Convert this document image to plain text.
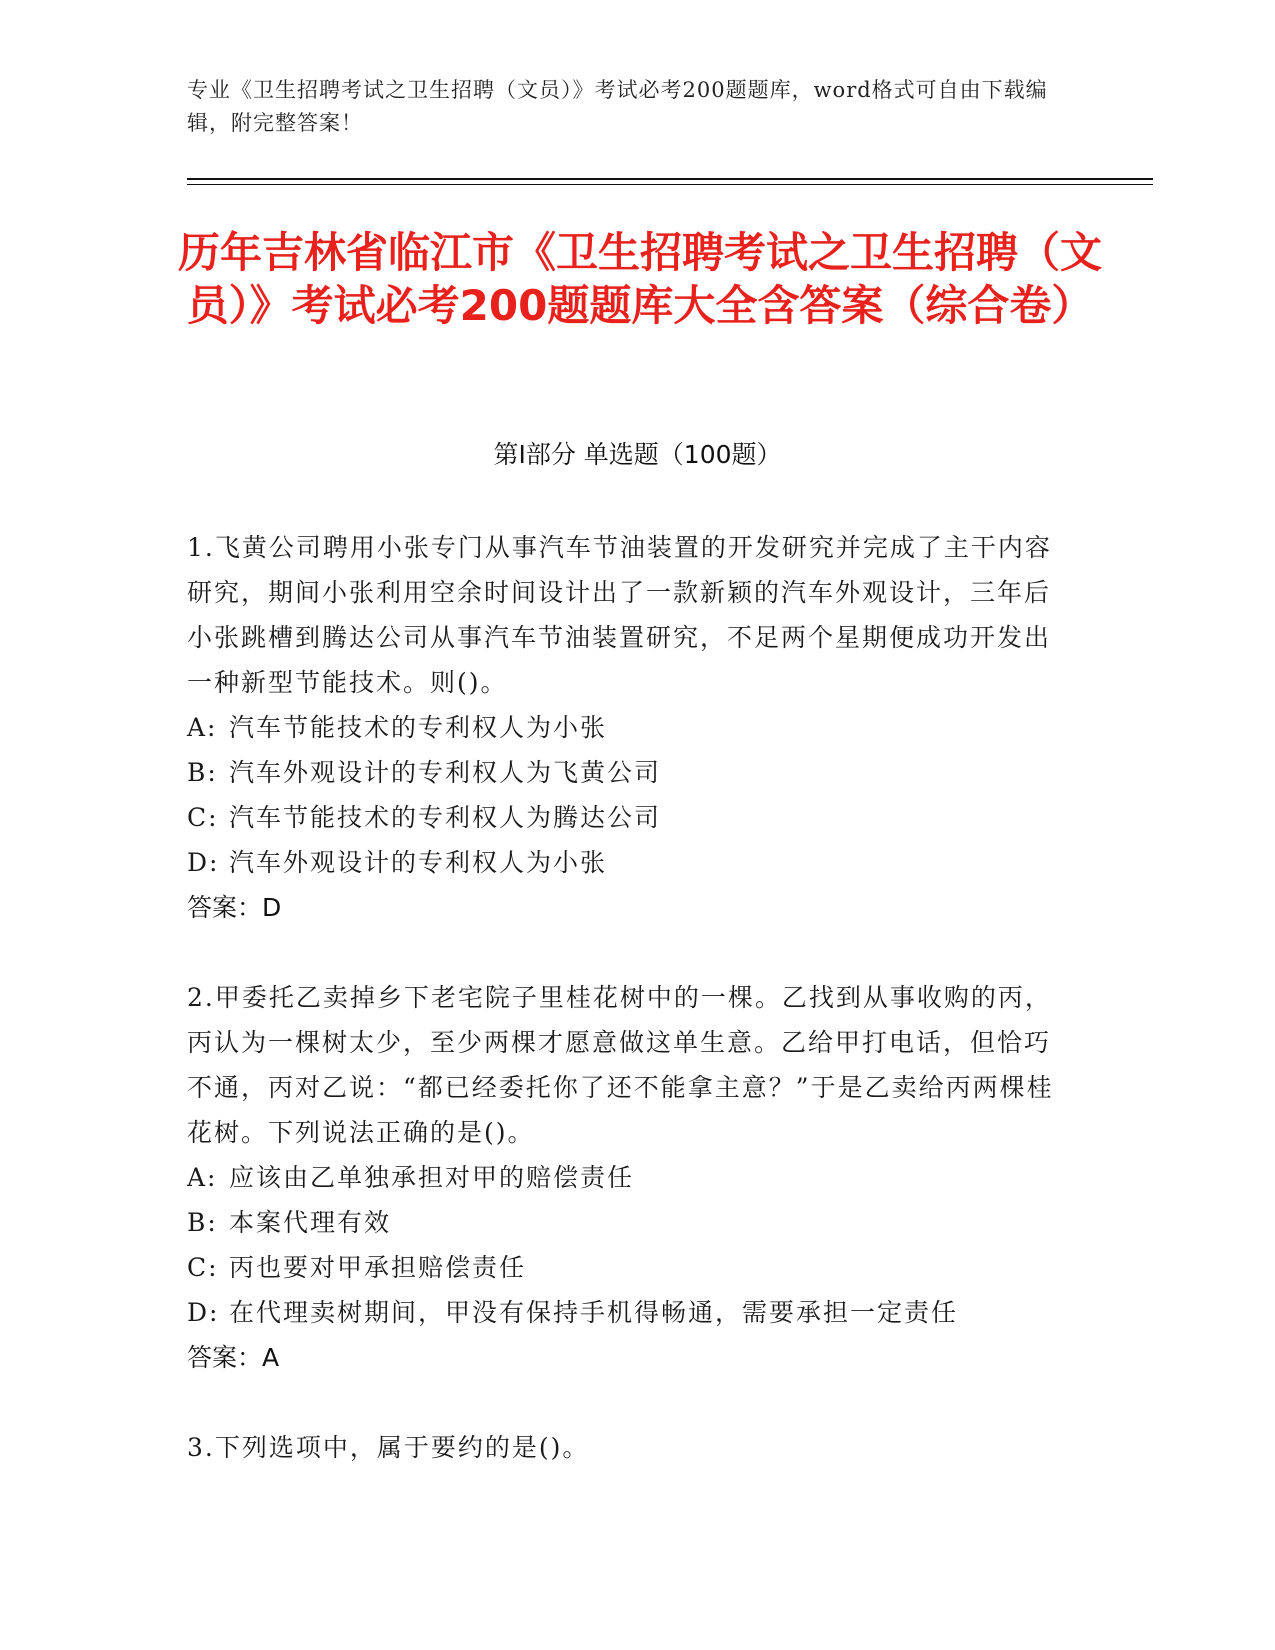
专业《卫生招聘考试之卫生招聘（文员）》考试必考200题题库，word格式可自由下载编辑，附完整答案！
历年吉林省临江市《卫生招聘考试之卫生招聘（文员）》考试必考200题题库大全含答案（综合卷）
第Ⅰ部分 单选题（100题）

1.飞黄公司聘用小张专门从事汽车节油装置的开发研究并完成了主干内容研究，期间小张利用空余时间设计出了一款新颖的汽车外观设计，三年后小张跳槽到腾达公司从事汽车节油装置研究，不足两个星期便成功开发出一种新型节能技术。则()。

A: 汽车节能技术的专利权人为小张

B: 汽车外观设计的专利权人为飞黄公司

C: 汽车节能技术的专利权人为腾达公司

D: 汽车外观设计的专利权人为小张

答案：D

2.甲委托乙卖掉乡下老宅院子里桂花树中的一棵。乙找到从事收购的丙，丙认为一棵树太少，至少两棵才愿意做这单生意。乙给甲打电话，但恰巧不通，丙对乙说：“都已经委托你了还不能拿主意？”于是乙卖给丙两棵桂花树。下列说法正确的是()。

A: 应该由乙单独承担对甲的赔偿责任

B: 本案代理有效

C: 丙也要对甲承担赔偿责任

D: 在代理卖树期间，甲没有保持手机得畅通，需要承担一定责任

答案：A

3.下列选项中，属于要约的是()。
